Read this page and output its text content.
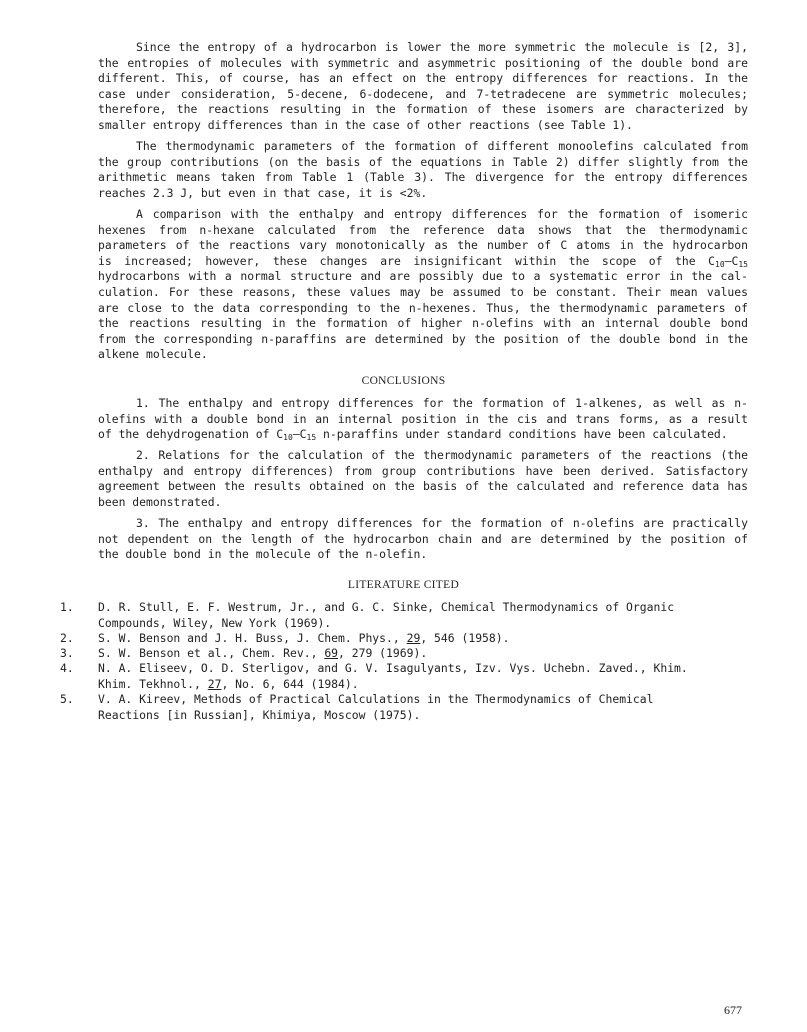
Since the entropy of a hydrocarbon is lower the more symmetric the molecule is [2, 3],
the entropies of molecules with symmetric and asymmetric positioning of the double bond are
different. This, of course, has an effect on the entropy differences for reactions. In the
case under consideration, 5-decene, 6-dodecene, and 7-tetradecene are symmetric molecules;
therefore, the reactions resulting in the formation of these isomers are characterized by
smaller entropy differences than in the case of other reactions (see Table 1).
The thermodynamic parameters of the formation of different monoolefins calculated from
the group contributions (on the basis of the equations in Table 2) differ slightly from the
arithmetic means taken from Table 1 (Table 3). The divergence for the entropy differences
reaches 2.3 J, but even in that case, it is <2%.
A comparison with the enthalpy and entropy differences for the formation of isomeric
hexenes from n-hexane calculated from the reference data shows that the thermodynamic
parameters of the reactions vary monotonically as the number of C atoms in the hydrocarbon
is increased; however, these changes are insignificant within the scope of the $C_{10}-C_{15}$
hydrocarbons with a normal structure and are possibly due to a systematic error in the cal-
culation. For these reasons, these values may be assumed to be constant. Their mean values
are close to the data corresponding to the n-hexenes. Thus, the thermodynamic parameters of
the reactions resulting in the formation of higher n-olefins with an internal double bond
from the corresponding n-paraffins are determined by the position of the double bond in the
alkene molecule.
CONCLUSIONS
1. The enthalpy and entropy differences for the formation of 1-alkenes, as well as n-
olefins with a double bond in an internal position in the cis and trans forms, as a result
of the dehydrogenation of $C_{10}-C_{15}$ n-paraffins under standard conditions have been calculated.
2. Relations for the calculation of the thermodynamic parameters of the reactions (the
enthalpy and entropy differences) from group contributions have been derived. Satisfactory
agreement between the results obtained on the basis of the calculated and reference data has
been demonstrated.
3. The enthalpy and entropy differences for the formation of n-olefins are practically
not dependent on the length of the hydrocarbon chain and are determined by the position of
the double bond in the molecule of the n-olefin.
LITERATURE CITED
1.	D. R. Stull, E. F. Westrum, Jr., and G. C. Sinke, Chemical Thermodynamics of Organic
Compounds, Wiley, New York (1969).
2.	S. W. Benson and J. H. Buss, J. Chem. Phys., 29, 546 (1958).
3.	S. W. Benson et al., Chem. Rev., 69, 279 (1969).
4.	N. A. Eliseev, O. D. Sterligov, and G. V. Isagulyants, Izv. Vys. Uchebn. Zaved., Khim.
Khim. Tekhnol., 27, No. 6, 644 (1984).
5.	V. A. Kireev, Methods of Practical Calculations in the Thermodynamics of Chemical
Reactions [in Russian], Khimiya, Moscow (1975).
677
